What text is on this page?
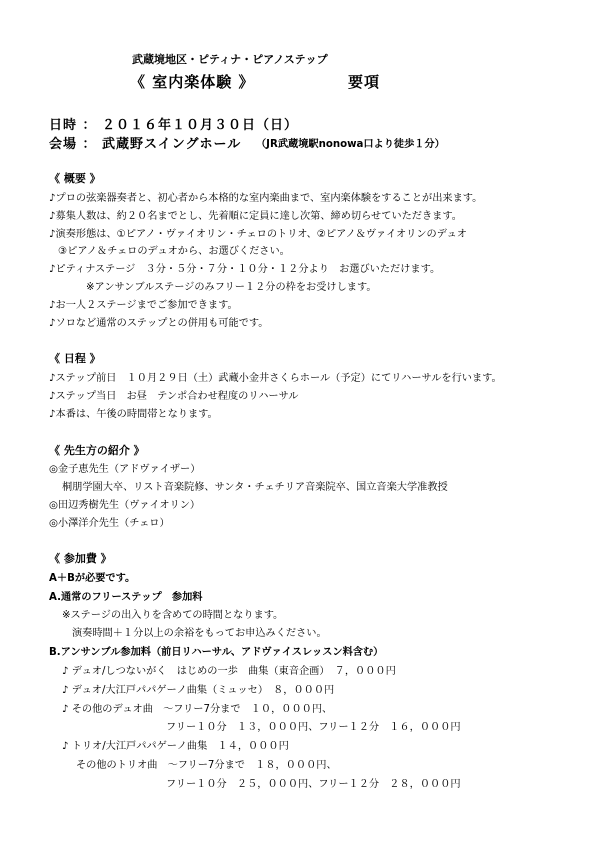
武蔵境地区・ピティナ・ピアノステップ
《 室内楽体験 》	要項
日時 ： ２０１６年１０月３０日（日）
会場 ： 武蔵野スイングホール （JR武蔵境駅nonowa口より徒歩１分）
《 概要 》
♪プロの弦楽器奏者と、初心者から本格的な室内楽曲まで、室内楽体験をすることが出来ます。
♪募集人数は、約２０名までとし、先着順に定員に達し次第、締め切らせていただきます。
♪演奏形態は、①ピアノ・ヴァイオリン・チェロのトリオ、②ピアノ＆ヴァイオリンのデュオ
③ピアノ＆チェロのデュオから、お選びください。
♪ピティナステージ　３分・５分・７分・１０分・１２分より　お選びいただけます。
※アンサンブルステージのみフリー１２分の枠をお受けします。
♪お一人２ステージまでご参加できます。
♪ソロなど通常のステップとの併用も可能です。
《 日程 》
♪ステップ前日　１０月２９日（土）武蔵小金井さくらホール（予定）にてリハーサルを行います。
♪ステップ当日　お昼　テンポ合わせ程度のリハーサル
♪本番は、午後の時間帯となります。
《 先生方の紹介 》
◎金子恵先生（アドヴァイザー）
桐朋学園大卒、リスト音楽院修、サンタ・チェチリア音楽院卒、国立音楽大学准教授
◎田辺秀樹先生（ヴァイオリン）
◎小澤洋介先生（チェロ）
《 参加費 》
A＋Bが必要です。
A.通常のフリーステップ　参加料
※ステージの出入りを含めての時間となります。
演奏時間＋１分以上の余裕をもってお申込みください。
B.アンサンブル参加料（前日リハーサル、アドヴァイスレッスン料含む）
♪ デュオ/しつないがく　はじめの一歩　曲集（東音企画）　７，０００円
♪ デュオ/大江戸パパゲーノ曲集（ミュッセ）　８，０００円
♪ その他のデュオ曲　～フリー7分まで　１０，０００円、
フリー１０分　１３，０００円、フリー１２分　１６，０００円
♪ トリオ/大江戸パパゲーノ曲集　１４，０００円
その他のトリオ曲　～フリー7分まで　１８，０００円、
フリー１０分　２５，０００円、フリー１２分　２８，０００円
